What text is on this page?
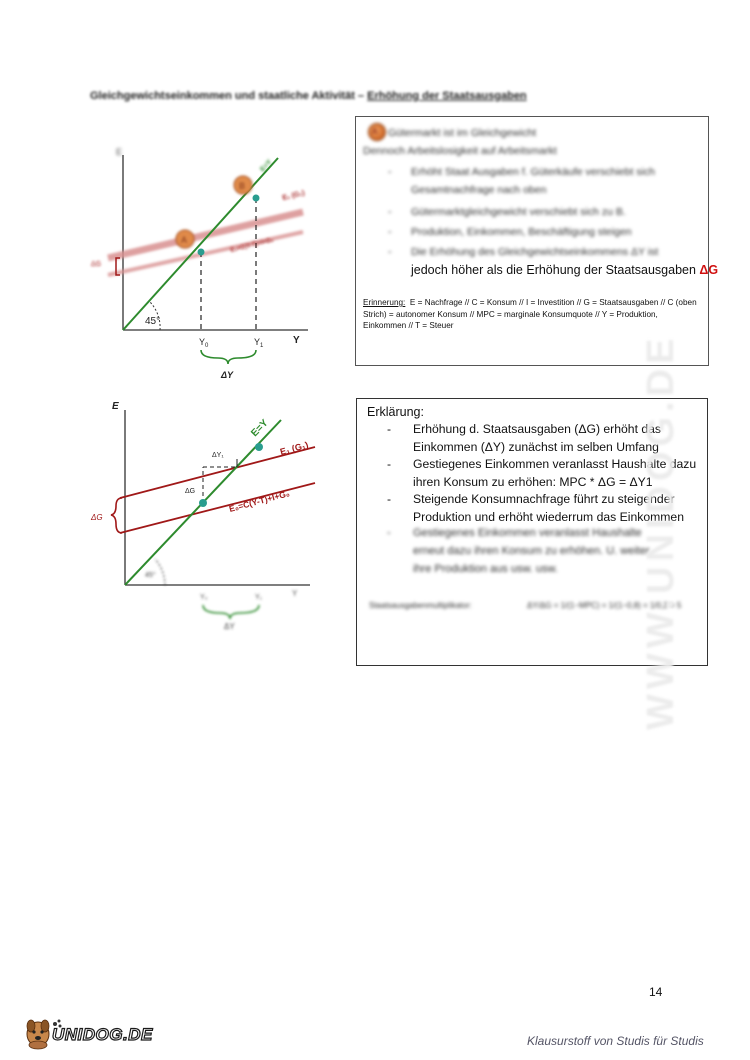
Gleichgewichtseinkommen und staatliche Aktivität – Erhöhung der Staatsausgaben
E
Y
45°
A
B
E=Y
E₁ (G₁)
E₀=C(Y-T)+I+G₀
ΔG
$Y_0$	$Y_1$
ΔY
E
E=Y
E₁ (G₁)
E₀=C(Y-T)+I+G₀
ΔY₁
ΔG
ΔG
45°
Y
Y₀	Y₁
ΔY
A Gütermarkt ist im Gleichgewicht
Dennoch Arbeitslosigkeit auf Arbeitsmarkt
- Erhöht Staat Ausgaben f. Güterkäufe verschiebt sich
Gesamtnachfrage nach oben
- Gütermarktgleichgewicht verschiebt sich zu B.
- Produktion, Einkommen, Beschäftigung steigen
- Die Erhöhung des Gleichgewichtseinkommens ΔY ist
jedoch höher als die Erhöhung der Staatsausgaben ΔG
Erinnerung: E = Nachfrage // C = Konsum // I = Investition // G = Staatsausgaben // C (oben Strich) = autonomer Konsum // MPC = marginale Konsumquote // Y = Produktion, Einkommen // T = Steuer
Erklärung:
- Erhöhung d. Staatsausgaben (ΔG) erhöht das Einkommen (ΔY) zunächst im selben Umfang
- Gestiegenes Einkommen veranlasst Haushalte dazu ihren Konsum zu erhöhen: MPC * ΔG = ΔY1
- Steigende Konsumnachfrage führt zu steigender Produktion und erhöht wiederrum das Einkommen
- Gestiegenes Einkommen veranlasst Haushalte
erneut dazu ihren Konsum zu erhöhen. U. weiter
ihre Produktion aus usw. usw.
Staatsausgabenmultiplikator:	ΔY/ΔG = 1/(1−MPC) = 1/(1−0,8) = 1/0,2 = 5
WWW.UNIDOG.DE
14
UNIDOG.DE	Klausurstoff von Studis für Studis
